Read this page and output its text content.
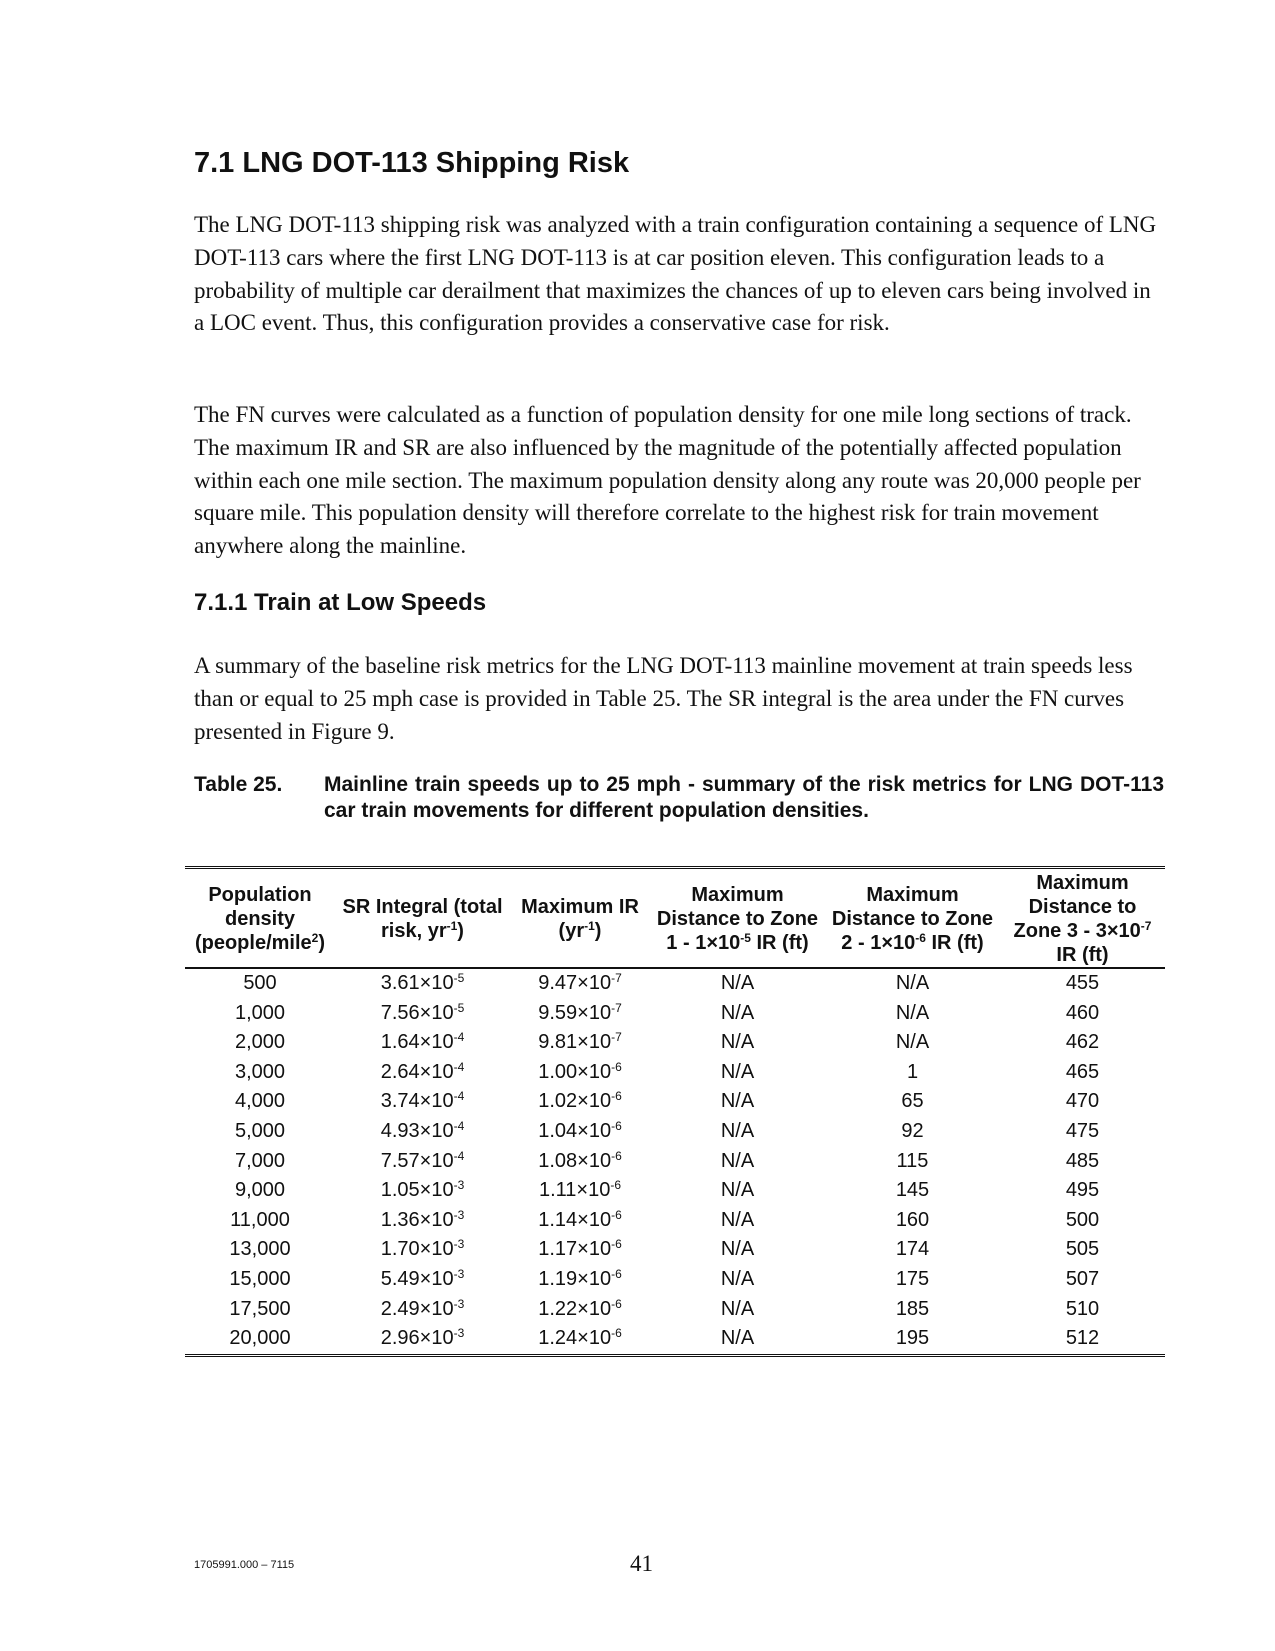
7.1 LNG DOT-113 Shipping Risk

The LNG DOT-113 shipping risk was analyzed with a train configuration containing a sequence of LNG DOT-113 cars where the first LNG DOT-113 is at car position eleven. This configuration leads to a probability of multiple car derailment that maximizes the chances of up to eleven cars being involved in a LOC event. Thus, this configuration provides a conservative case for risk.

The FN curves were calculated as a function of population density for one mile long sections of track. The maximum IR and SR are also influenced by the magnitude of the potentially affected population within each one mile section. The maximum population density along any route was 20,000 people per square mile. This population density will therefore correlate to the highest risk for train movement anywhere along the mainline.

7.1.1 Train at Low Speeds

A summary of the baseline risk metrics for the LNG DOT-113 mainline movement at train speeds less than or equal to 25 mph case is provided in Table 25. The SR integral is the area under the FN curves presented in Figure 9.

Table 25. Mainline train speeds up to 25 mph - summary of the risk metrics for LNG DOT-113 car train movements for different population densities.
Population density (people/mile$^2$)	SR Integral (total risk, $yr^{-1}$)	Maximum IR $(yr^{-1})$	Maximum Distance to Zone $1 - 1\times 10^{-5}$ IR (ft)	Maximum Distance to Zone $2 - 1\times 10^{-6}$ IR (ft)	Maximum Distance to Zone $3 - 3\times 10^{-7}$ IR (ft)
500	$3.61\times 10^{-5}$	$9.47\times 10^{-7}$	N/A	N/A	455
1,000	$7.56\times 10^{-5}$	$9.59\times 10^{-7}$	N/A	N/A	460
2,000	$1.64\times 10^{-4}$	$9.81\times 10^{-7}$	N/A	N/A	462
3,000	$2.64\times 10^{-4}$	$1.00\times 10^{-6}$	N/A	1	465
4,000	$3.74\times 10^{-4}$	$1.02\times 10^{-6}$	N/A	65	470
5,000	$4.93\times 10^{-4}$	$1.04\times 10^{-6}$	N/A	92	475
7,000	$7.57\times 10^{-4}$	$1.08\times 10^{-6}$	N/A	115	485
9,000	$1.05\times 10^{-3}$	$1.11\times 10^{-6}$	N/A	145	495
11,000	$1.36\times 10^{-3}$	$1.14\times 10^{-6}$	N/A	160	500
13,000	$1.70\times 10^{-3}$	$1.17\times 10^{-6}$	N/A	174	505
15,000	$5.49\times 10^{-3}$	$1.19\times 10^{-6}$	N/A	175	507
17,500	$2.49\times 10^{-3}$	$1.22\times 10^{-6}$	N/A	185	510
20,000	$2.96\times 10^{-3}$	$1.24\times 10^{-6}$	N/A	195	512
1705991.000 – 7115	41
